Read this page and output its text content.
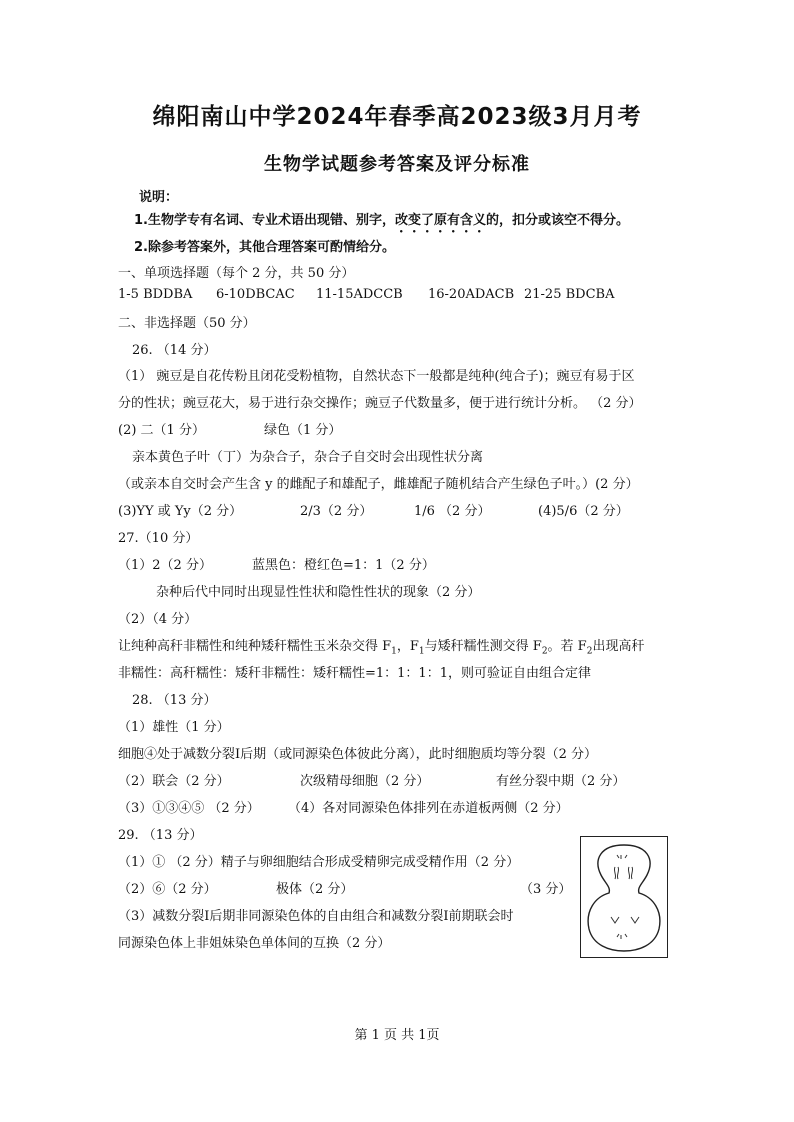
绵阳南山中学2024年春季高2023级3月月考
生物学试题参考答案及评分标准
说明：
1.生物学专有名词、专业术语出现错、别字，改变了原有含义的，扣分或该空不得分。
2.除参考答案外，其他合理答案可酌情给分。
一、单项选择题（每个 2 分，共 50 分）
1-5 BDDBA 6-10DBCAC 11-15ADCCB 16-20ADACB 21-25 BDCBA
二、非选择题（50 分）
26. （14 分）
（1） 豌豆是自花传粉且闭花受粉植物，自然状态下一般都是纯种(纯合子)；豌豆有易于区
分的性状；豌豆花大，易于进行杂交操作；豌豆子代数量多，便于进行统计分析。 （2 分）
(2) 二（1 分）	绿色（1 分）
亲本黄色子叶（丁）为杂合子，杂合子自交时会出现性状分离
（或亲本自交时会产生含 y 的雌配子和雄配子，雌雄配子随机结合产生绿色子叶。）(2 分）
(3)YY 或 Yy（2 分）	2/3（2 分）	1/6 （2 分）	(4)5/6（2 分）
27.（10 分）
（1）2（2 分）	蓝黑色：橙红色=1：1（2 分）
杂种后代中同时出现显性性状和隐性性状的现象（2 分）
（2）（4 分）
让纯种高秆非糯性和纯种矮秆糯性玉米杂交得 $F_1$，$F_1$与矮秆糯性测交得 $F_2$。若 $F_2$出现高秆
非糯性：高秆糯性：矮秆非糯性：矮秆糯性=1：1：1：1，则可验证自由组合定律
28. （13 分）
（1）雄性（1 分）
细胞④处于减数分裂Ⅰ后期（或同源染色体彼此分离），此时细胞质均等分裂（2 分）
（2）联会（2 分）	次级精母细胞（2 分）	有丝分裂中期（2 分）
（3）①③④⑤ （2 分） （4）各对同源染色体排列在赤道板两侧（2 分）
29. （13 分）
（1）① （2 分）精子与卵细胞结合形成受精卵完成受精作用（2 分）
（2）⑥（2 分）	极体（2 分）	（3 分）
（3）减数分裂Ⅰ后期非同源染色体的自由组合和减数分裂Ⅰ前期联会时
同源染色体上非姐妹染色单体间的互换（2 分）
第 1 页 共 1页
